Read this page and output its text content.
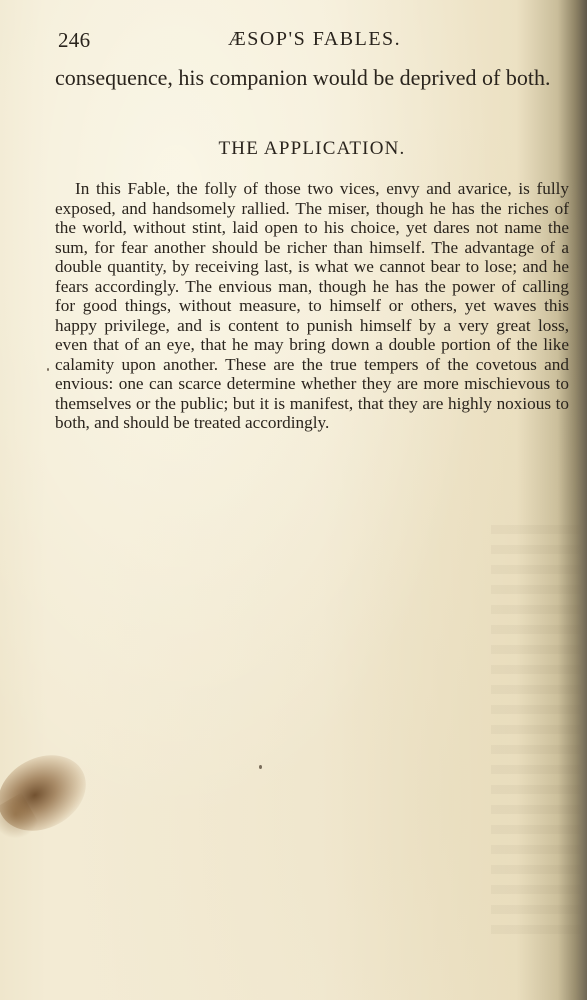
246	ÆSOP'S FABLES.
consequence, his companion would be deprived of both.
THE APPLICATION.

In this Fable, the folly of those two vices, envy and avarice, is fully exposed, and handsomely rallied. The miser, though he has the riches of the world, without stint, laid open to his choice, yet dares not name the sum, for fear another should be richer than himself. The advantage of a double quantity, by receiving last, is what we cannot bear to lose; and he fears accordingly. The envious man, though he has the power of calling for good things, without measure, to himself or others, yet waves this happy privilege, and is content to punish himself by a very great loss, even that of an eye, that he may bring down a double portion of the like calamity upon another. These are the true tempers of the covetous and envious: one can scarce determine whether they are more mischievous to themselves or the public; but it is manifest, that they are highly noxious to both, and should be treated accordingly.
